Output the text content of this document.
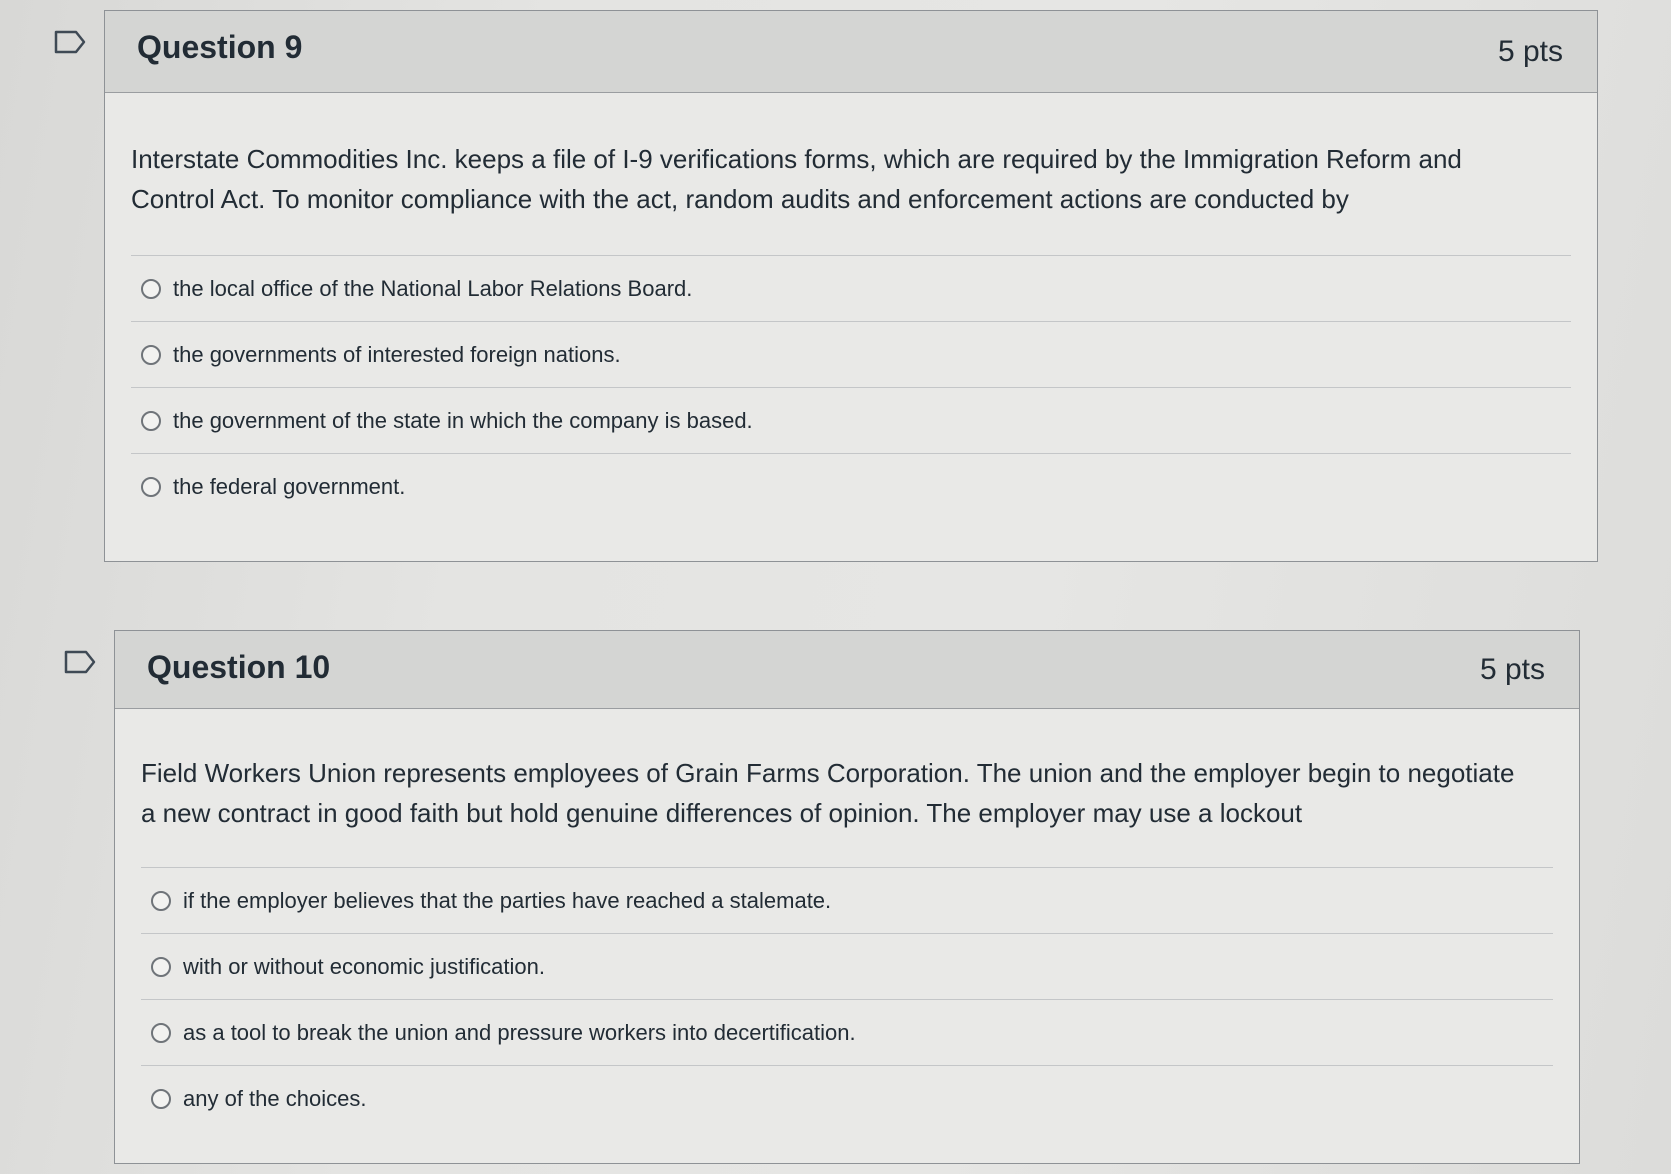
Question 9	5 pts

Interstate Commodities Inc. keeps a file of I-9 verifications forms, which are required by the Immigration Reform and Control Act. To monitor compliance with the act, random audits and enforcement actions are conducted by

the local office of the National Labor Relations Board.
the governments of interested foreign nations.
the government of the state in which the company is based.
the federal government.
Question 10	5 pts

Field Workers Union represents employees of Grain Farms Corporation. The union and the employer begin to negotiate a new contract in good faith but hold genuine differences of opinion. The employer may use a lockout

if the employer believes that the parties have reached a stalemate.
with or without economic justification.
as a tool to break the union and pressure workers into decertification.
any of the choices.
